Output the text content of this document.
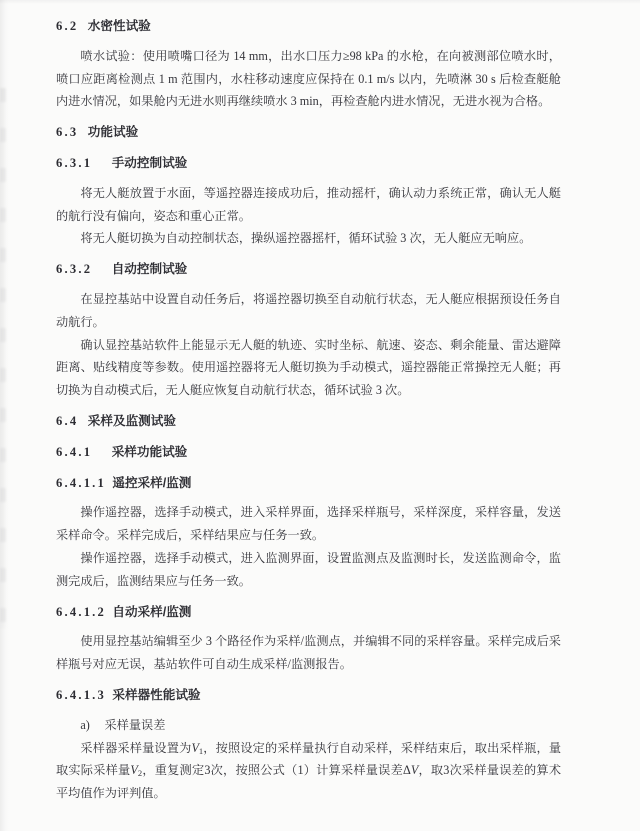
6.2 水密性试验

喷水试验：使用喷嘴口径为 14 mm，出水口压力≥98 kPa 的水枪，在向被测部位喷水时，喷口应距离检测点 1 m 范围内，水柱移动速度应保持在 0.1 m/s 以内，先喷淋 30 s 后检查艇舱内进水情况，如果舱内无进水则再继续喷水 3 min，再检查舱内进水情况，无进水视为合格。

6.3 功能试验
6.3.1 手动控制试验

将无人艇放置于水面，等遥控器连接成功后，推动摇杆，确认动力系统正常，确认无人艇的航行没有偏向，姿态和重心正常。

将无人艇切换为自动控制状态，操纵遥控器摇杆，循环试验 3 次，无人艇应无响应。

6.3.2 自动控制试验

在显控基站中设置自动任务后，将遥控器切换至自动航行状态，无人艇应根据预设任务自动航行。

确认显控基站软件上能显示无人艇的轨迹、实时坐标、航速、姿态、剩余能量、雷达避障距离、贴线精度等参数。使用遥控器将无人艇切换为手动模式，遥控器能正常操控无人艇；再切换为自动模式后，无人艇应恢复自动航行状态，循环试验 3 次。

6.4 采样及监测试验
6.4.1 采样功能试验
6.4.1.1 遥控采样/监测

操作遥控器，选择手动模式，进入采样界面，选择采样瓶号，采样深度，采样容量，发送采样命令。采样完成后，采样结果应与任务一致。

操作遥控器，选择手动模式，进入监测界面，设置监测点及监测时长，发送监测命令，监测完成后，监测结果应与任务一致。

6.4.1.2 自动采样/监测

使用显控基站编辑至少 3 个路径作为采样/监测点，并编辑不同的采样容量。采样完成后采样瓶号对应无误，基站软件可自动生成采样/监测报告。

6.4.1.3 采样器性能试验

a) 采样量误差

采样器采样量设置为$V_1$，按照设定的采样量执行自动采样，采样结束后，取出采样瓶，量取实际采样量$V_2$，重复测定3次，按照公式（1）计算采样量误差ΔV，取3次采样量误差的算术平均值作为评判值。
